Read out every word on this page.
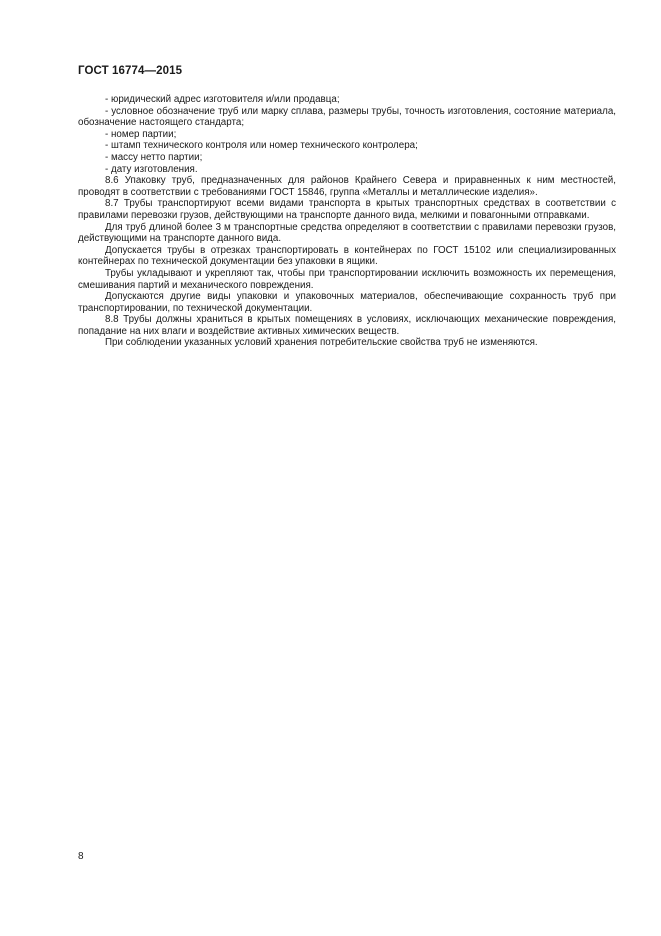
ГОСТ 16774—2015

- юридический адрес изготовителя и/или продавца;

- условное обозначение труб или марку сплава, размеры трубы, точность изготовления, состояние материала, обозначение настоящего стандарта;

- номер партии;

- штамп технического контроля или номер технического контролера;

- массу нетто партии;

- дату изготовления.

8.6 Упаковку труб, предназначенных для районов Крайнего Севера и приравненных к ним местностей, проводят в соответствии с требованиями ГОСТ 15846, группа «Металлы и металлические изделия».

8.7 Трубы транспортируют всеми видами транспорта в крытых транспортных средствах в соответствии с правилами перевозки грузов, действующими на транспорте данного вида, мелкими и повагонными отправками.

Для труб длиной более 3 м транспортные средства определяют в соответствии с правилами перевозки грузов, действующими на транспорте данного вида.

Допускается трубы в отрезках транспортировать в контейнерах по ГОСТ 15102 или специализированных контейнерах по технической документации без упаковки в ящики.

Трубы укладывают и укрепляют так, чтобы при транспортировании исключить возможность их перемещения, смешивания партий и механического повреждения.

Допускаются другие виды упаковки и упаковочных материалов, обеспечивающие сохранность труб при транспортировании, по технической документации.

8.8 Трубы должны храниться в крытых помещениях в условиях, исключающих механические повреждения, попадание на них влаги и воздействие активных химических веществ.

При соблюдении указанных условий хранения потребительские свойства труб не изменяются.

8
